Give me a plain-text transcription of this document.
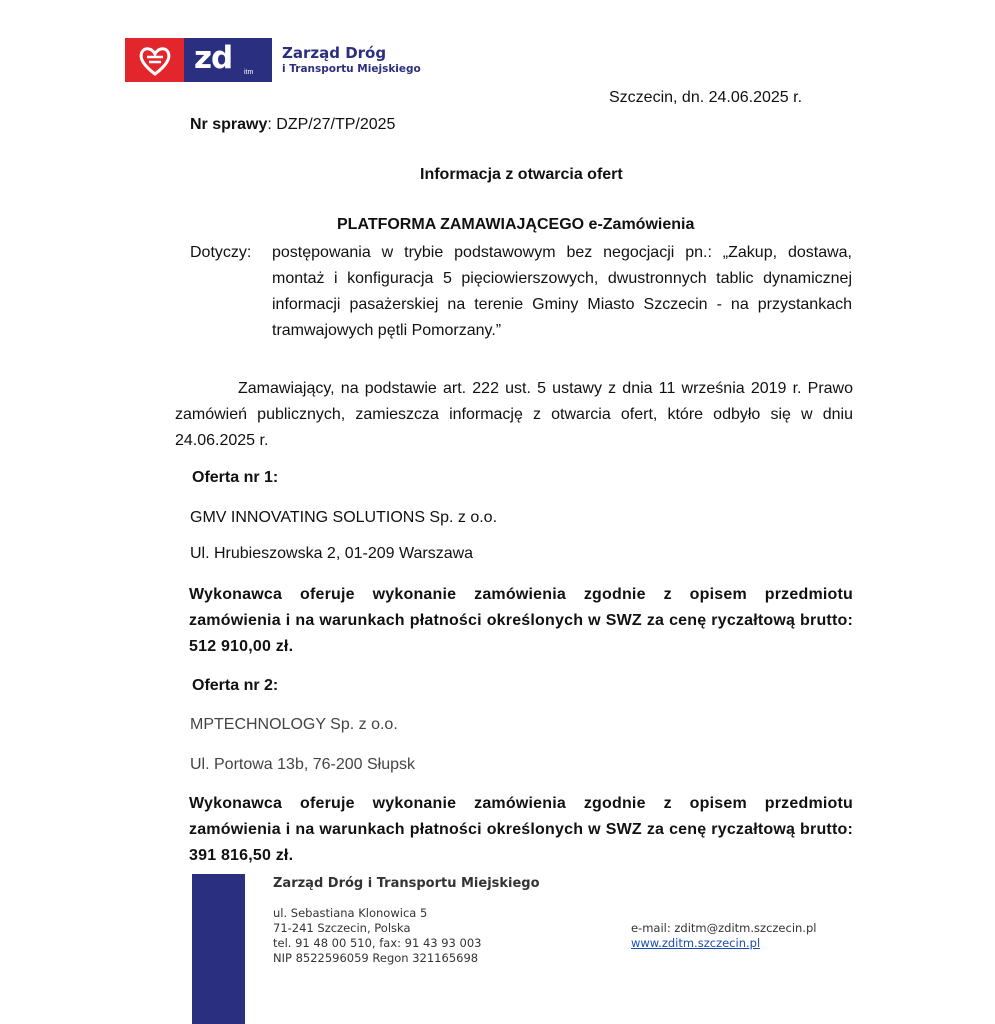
zd itm
Zarząd Dróg
i Transportu Miejskiego
Szczecin, dn. 24.06.2025 r.
Nr sprawy: DZP/27/TP/2025
Informacja z otwarcia ofert
PLATFORMA ZAMAWIAJĄCEGO e-Zamówienia
Dotyczy: postępowania w trybie podstawowym bez negocjacji pn.: „Zakup, dostawa, montaż i konfiguracja 5 pięciowierszowych, dwustronnych tablic dynamicznej informacji pasażerskiej na terenie Gminy Miasto Szczecin - na przystankach tramwajowych pętli Pomorzany.”
Zamawiający, na podstawie art. 222 ust. 5 ustawy z dnia 11 września 2019 r. Prawo zamówień publicznych, zamieszcza informację z otwarcia ofert, które odbyło się w dniu 24.06.2025 r.
Oferta nr 1:
GMV INNOVATING SOLUTIONS Sp. z o.o.
Ul. Hrubieszowska 2, 01-209 Warszawa
Wykonawca oferuje wykonanie zamówienia zgodnie z opisem przedmiotu zamówienia i na warunkach płatności określonych w SWZ za cenę ryczałtową brutto: 512 910,00 zł.
Oferta nr 2:
MPTECHNOLOGY Sp. z o.o.
Ul. Portowa 13b, 76-200 Słupsk
Wykonawca oferuje wykonanie zamówienia zgodnie z opisem przedmiotu zamówienia i na warunkach płatności określonych w SWZ za cenę ryczałtową brutto: 391 816,50 zł.
Zarząd Dróg i Transportu Miejskiego
ul. Sebastiana Klonowica 5
71-241 Szczecin, Polska
tel. 91 48 00 510, fax: 91 43 93 003
NIP 8522596059 Regon 321165698
e-mail: zditm@zditm.szczecin.pl
www.zditm.szczecin.pl
